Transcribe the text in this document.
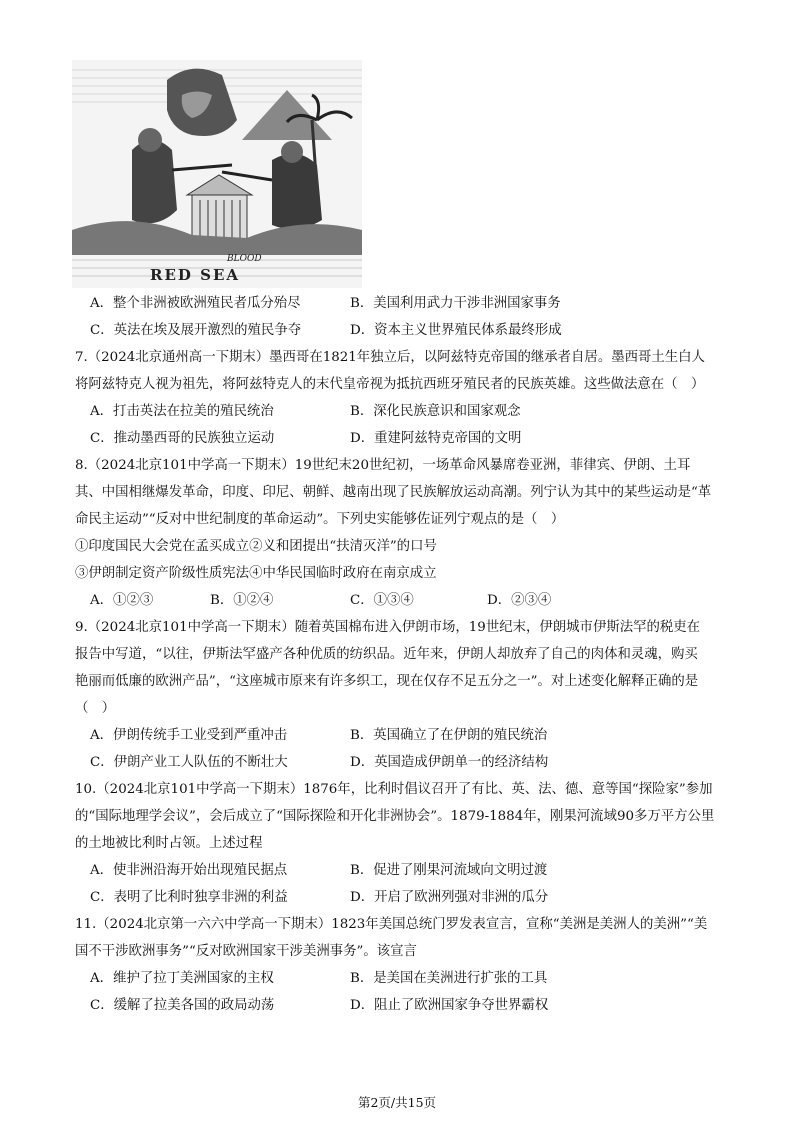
BLOOD
RED SEA
A．整个非洲被欧洲殖民者瓜分殆尽	B．美国利用武力干涉非洲国家事务
C．英法在埃及展开激烈的殖民争夺	D．资本主义世界殖民体系最终形成
7.（2024北京通州高一下期末）墨西哥在1821年独立后，以阿兹特克帝国的继承者自居。墨西哥土生白人
将阿兹特克人视为祖先，将阿兹特克人的末代皇帝视为抵抗西班牙殖民者的民族英雄。这些做法意在（　）
A．打击英法在拉美的殖民统治	B．深化民族意识和国家观念
C．推动墨西哥的民族独立运动	D．重建阿兹特克帝国的文明
8.（2024北京101中学高一下期末）19世纪末20世纪初，一场革命风暴席卷亚洲，菲律宾、伊朗、土耳
其、中国相继爆发革命，印度、印尼、朝鲜、越南出现了民族解放运动高潮。列宁认为其中的某些运动是“革
命民主运动”“反对中世纪制度的革命运动”。下列史实能够佐证列宁观点的是（　）
①印度国民大会党在孟买成立②义和团提出“扶清灭洋”的口号
③伊朗制定资产阶级性质宪法④中华民国临时政府在南京成立
A．①②③	B．①②④	C．①③④	D．②③④
9.（2024北京101中学高一下期末）随着英国棉布进入伊朗市场，19世纪末，伊朗城市伊斯法罕的税吏在
报告中写道，“以往，伊斯法罕盛产各种优质的纺织品。近年来，伊朗人却放弃了自己的肉体和灵魂，购买
艳丽而低廉的欧洲产品”，“这座城市原来有许多织工，现在仅存不足五分之一”。对上述变化解释正确的是
（　）
A．伊朗传统手工业受到严重冲击	B．英国确立了在伊朗的殖民统治
C．伊朗产业工人队伍的不断壮大	D．英国造成伊朗单一的经济结构
10.（2024北京101中学高一下期末）1876年，比利时倡议召开了有比、英、法、德、意等国“探险家”参加
的“国际地理学会议”，会后成立了“国际探险和开化非洲协会”。1879-1884年，刚果河流域90多万平方公里
的土地被比利时占领。上述过程
A．使非洲沿海开始出现殖民据点	B．促进了刚果河流域向文明过渡
C．表明了比利时独享非洲的利益	D．开启了欧洲列强对非洲的瓜分
11.（2024北京第一六六中学高一下期末）1823年美国总统门罗发表宣言，宣称“美洲是美洲人的美洲”“美
国不干涉欧洲事务”“反对欧洲国家干涉美洲事务”。该宣言
A．维护了拉丁美洲国家的主权	B．是美国在美洲进行扩张的工具
C．缓解了拉美各国的政局动荡	D．阻止了欧洲国家争夺世界霸权
第2页/共15页
